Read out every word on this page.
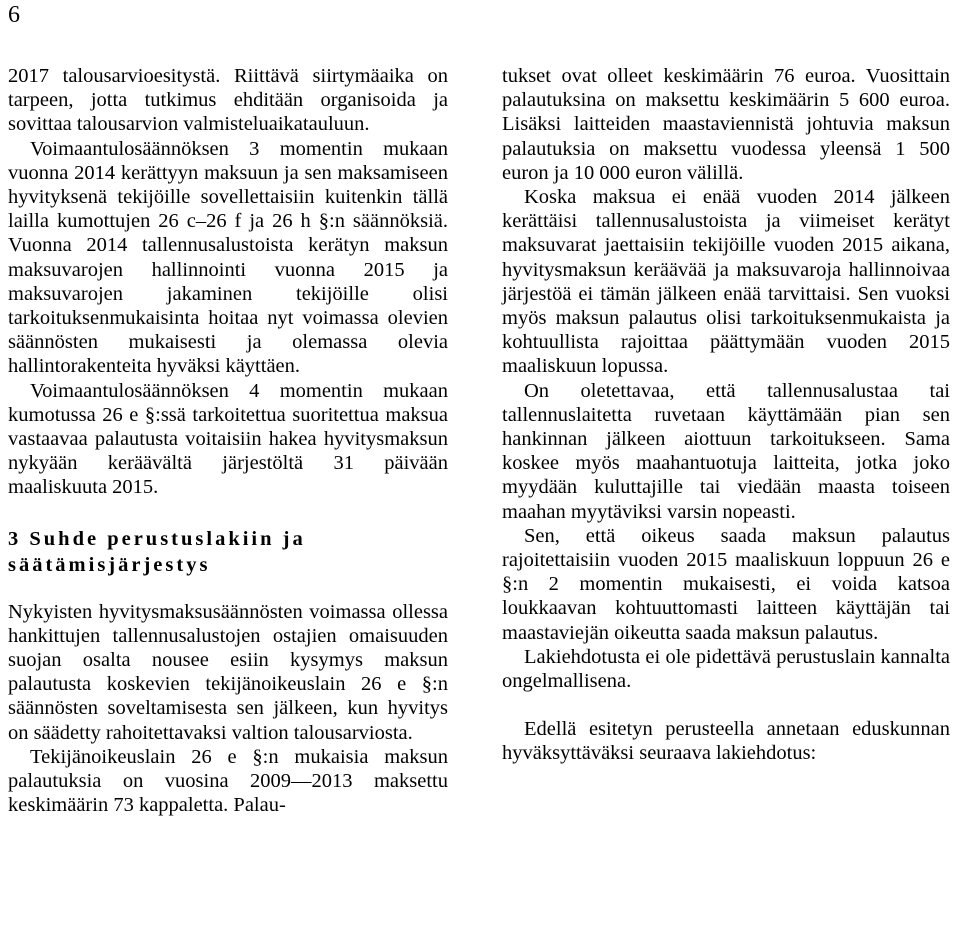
6

2017 talousarvioesitystä. Riittävä siirtymäaika on tarpeen, jotta tutkimus ehditään organisoida ja sovittaa talousarvion valmisteluaikatauluun.

Voimaantulosäännöksen 3 momentin mukaan vuonna 2014 kerättyyn maksuun ja sen maksamiseen hyvityksenä tekijöille sovellettaisiin kuitenkin tällä lailla kumottujen 26 c–26 f ja 26 h §:n säännöksiä. Vuonna 2014 tallennusalustoista kerätyn maksun maksuvarojen hallinnointi vuonna 2015 ja maksuvarojen jakaminen tekijöille olisi tarkoituksenmukaisinta hoitaa nyt voimassa olevien säännösten mukaisesti ja olemassa olevia hallintorakenteita hyväksi käyttäen.

Voimaantulosäännöksen 4 momentin mukaan kumotussa 26 e §:ssä tarkoitettua suoritettua maksua vastaavaa palautusta voitaisiin hakea hyvitysmaksun nykyään keräävältä järjestöltä 31 päivään maaliskuuta 2015.

3 Suhde perustuslakiin ja säätämisjärjestys

Nykyisten hyvitysmaksusäännösten voimassa ollessa hankittujen tallennusalustojen ostajien omaisuuden suojan osalta nousee esiin kysymys maksun palautusta koskevien tekijänoikeuslain 26 e §:n säännösten soveltamisesta sen jälkeen, kun hyvitys on säädetty rahoitettavaksi valtion talousarviosta.

Tekijänoikeuslain 26 e §:n mukaisia maksun palautuksia on vuosina 2009—2013 maksettu keskimäärin 73 kappaletta. Palau-

tukset ovat olleet keskimäärin 76 euroa. Vuosittain palautuksina on maksettu keskimäärin 5 600 euroa. Lisäksi laitteiden maastaviennistä johtuvia maksun palautuksia on maksettu vuodessa yleensä 1 500 euron ja 10 000 euron välillä.

Koska maksua ei enää vuoden 2014 jälkeen kerättäisi tallennusalustoista ja viimeiset kerätyt maksuvarat jaettaisiin tekijöille vuoden 2015 aikana, hyvitysmaksun keräävää ja maksuvaroja hallinnoivaa järjestöä ei tämän jälkeen enää tarvittaisi. Sen vuoksi myös maksun palautus olisi tarkoituksenmukaista ja kohtuullista rajoittaa päättymään vuoden 2015 maaliskuun lopussa.

On oletettavaa, että tallennusalustaa tai tallennuslaitetta ruvetaan käyttämään pian sen hankinnan jälkeen aiottuun tarkoitukseen. Sama koskee myös maahantuotuja laitteita, jotka joko myydään kuluttajille tai viedään maasta toiseen maahan myytäviksi varsin nopeasti.

Sen, että oikeus saada maksun palautus rajoitettaisiin vuoden 2015 maaliskuun loppuun 26 e §:n 2 momentin mukaisesti, ei voida katsoa loukkaavan kohtuuttomasti laitteen käyttäjän tai maastaviejän oikeutta saada maksun palautus.

Lakiehdotusta ei ole pidettävä perustuslain kannalta ongelmallisena.

Edellä esitetyn perusteella annetaan eduskunnan hyväksyttäväksi seuraava lakiehdotus:
